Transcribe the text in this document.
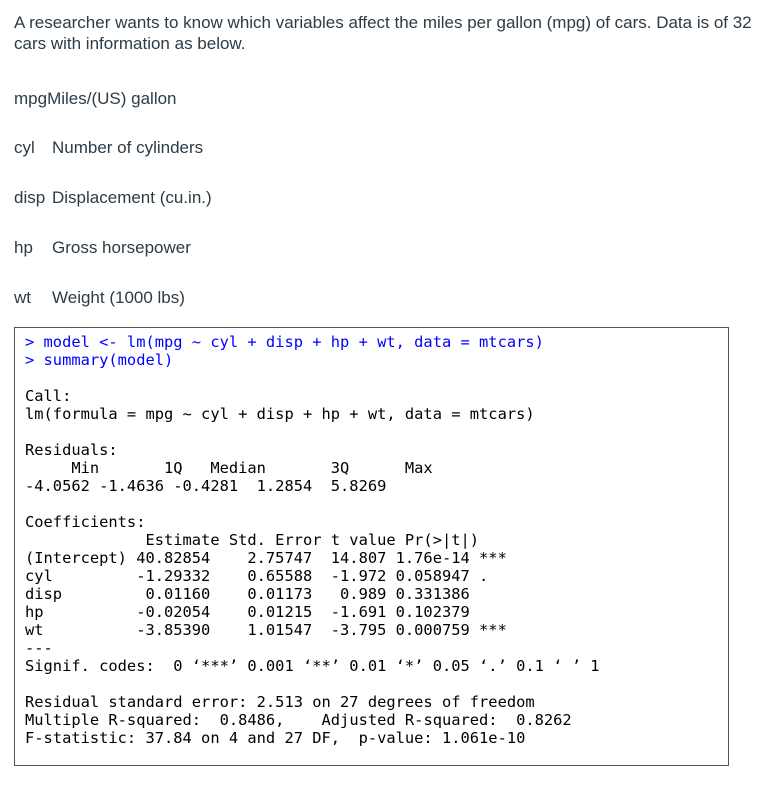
A researcher wants to know which variables affect the miles per gallon (mpg) of cars. Data is of 32 cars with information as below.
mpgMiles/(US) gallon
cyl Number of cylinders
disp Displacement (cu.in.)
hp Gross horsepower
wt Weight (1000 lbs)
> model <- lm(mpg ~ cyl + disp + hp + wt, data = mtcars)
> summary(model)
Call:
lm(formula = mpg ~ cyl + disp + hp + wt, data = mtcars)
Residuals:
Min       1Q   Median       3Q      Max
-4.0562 -1.4636 -0.4281  1.2854  5.8269
Coefficients:
Estimate Std. Error t value Pr(>|t|)
(Intercept) 40.82854    2.75747  14.807 1.76e-14 ***
cyl         -1.29332    0.65588  -1.972 0.058947 .
disp         0.01160    0.01173   0.989 0.331386
hp          -0.02054    0.01215  -1.691 0.102379
wt          -3.85390    1.01547  -3.795 0.000759 ***
---
Signif. codes:  0 ‘***’ 0.001 ‘**’ 0.01 ‘*’ 0.05 ‘.’ 0.1 ‘ ’ 1
Residual standard error: 2.513 on 27 degrees of freedom
Multiple R-squared:  0.8486,	Adjusted R-squared:  0.8262
F-statistic: 37.84 on 4 and 27 DF,  p-value: 1.061e-10
